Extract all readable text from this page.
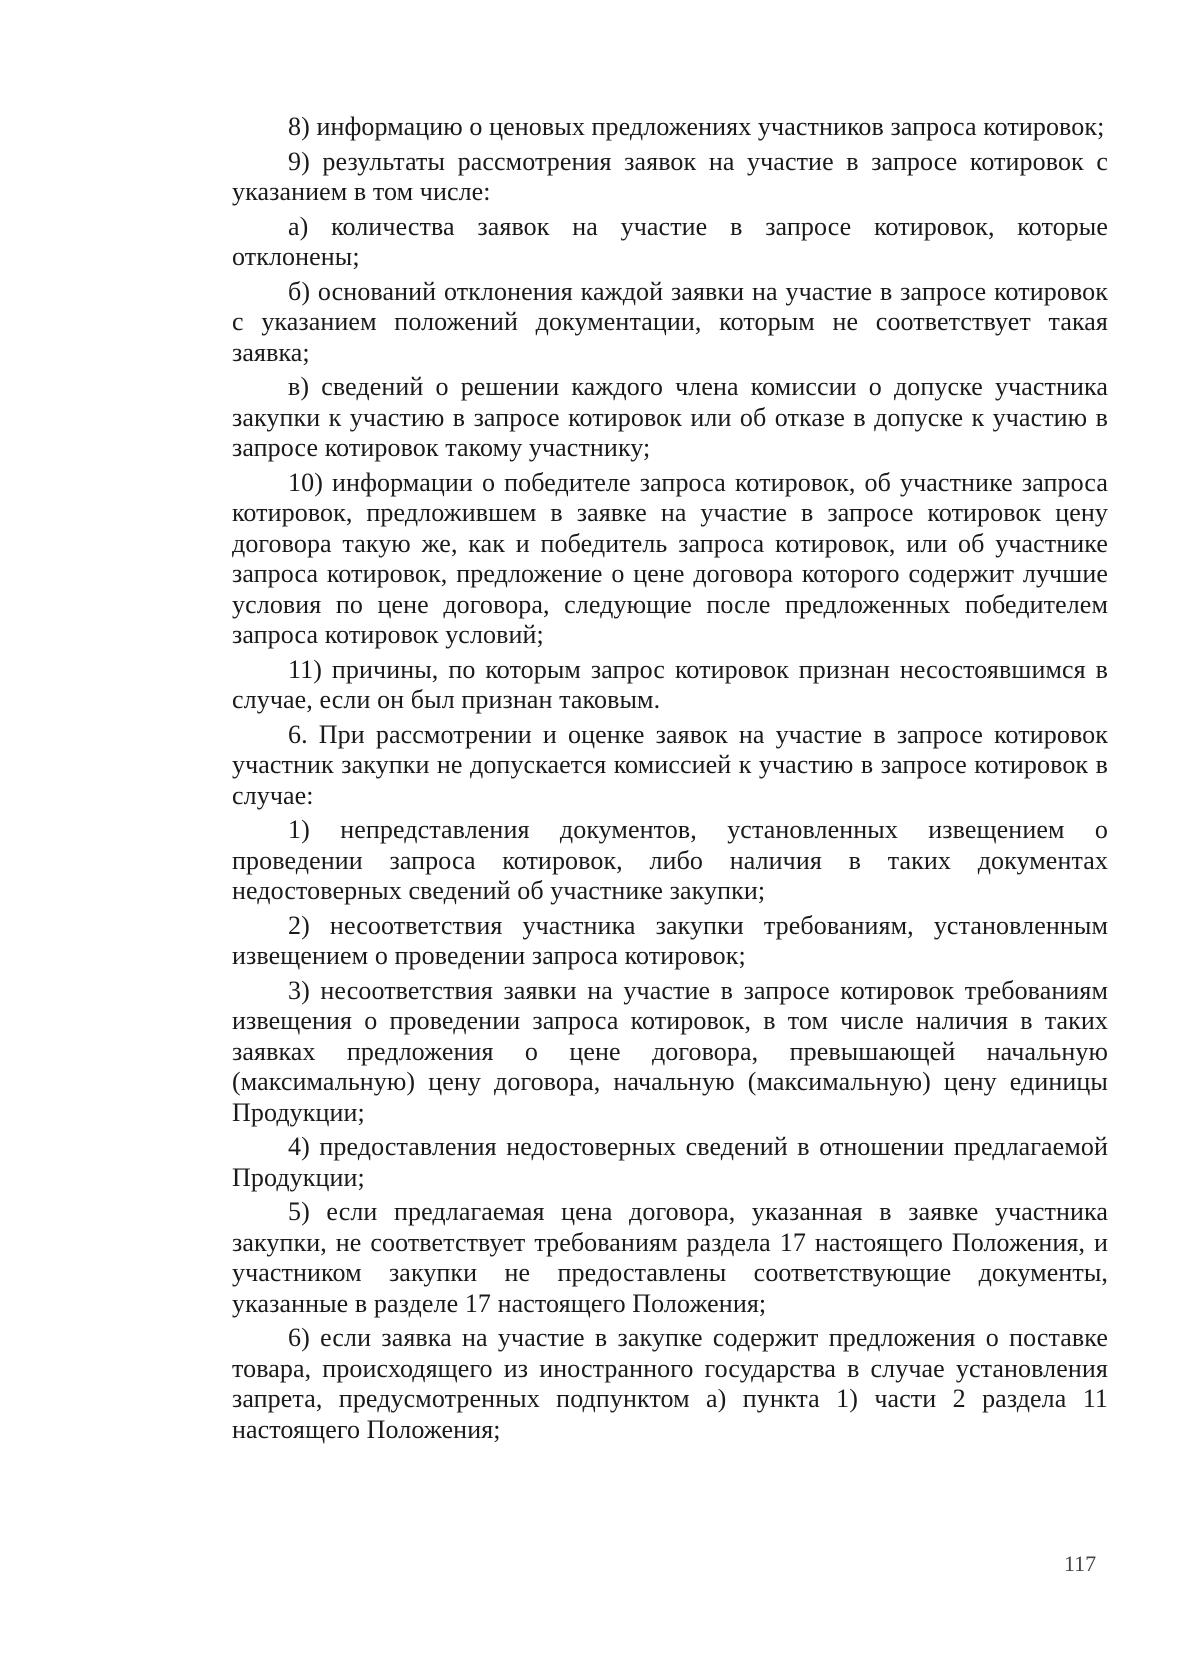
8) информацию о ценовых предложениях участников запроса котировок;

9) результаты рассмотрения заявок на участие в запросе котировок с указанием в том числе:

а) количества заявок на участие в запросе котировок, которые отклонены;

б) оснований отклонения каждой заявки на участие в запросе котировок с указанием положений документации, которым не соответствует такая заявка;

в) сведений о решении каждого члена комиссии о допуске участника закупки к участию в запросе котировок или об отказе в допуске к участию в запросе котировок такому участнику;

10) информации о победителе запроса котировок, об участнике запроса котировок, предложившем в заявке на участие в запросе котировок цену договора такую же, как и победитель запроса котировок, или об участнике запроса котировок, предложение о цене договора которого содержит лучшие условия по цене договора, следующие после предложенных победителем запроса котировок условий;

11) причины, по которым запрос котировок признан несостоявшимся в случае, если он был признан таковым.

6. При рассмотрении и оценке заявок на участие в запросе котировок участник закупки не допускается комиссией к участию в запросе котировок в случае:

1) непредставления документов, установленных извещением о проведении запроса котировок, либо наличия в таких документах недостоверных сведений об участнике закупки;

2) несоответствия участника закупки требованиям, установленным извещением о проведении запроса котировок;

3) несоответствия заявки на участие в запросе котировок требованиям извещения о проведении запроса котировок, в том числе наличия в таких заявках предложения о цене договора, превышающей начальную (максимальную) цену договора, начальную (максимальную) цену единицы Продукции;

4) предоставления недостоверных сведений в отношении предлагаемой Продукции;

5) если предлагаемая цена договора, указанная в заявке участника закупки, не соответствует требованиям раздела 17 настоящего Положения, и участником закупки не предоставлены соответствующие документы, указанные в разделе 17 настоящего Положения;

6) если заявка на участие в закупке содержит предложения о поставке товара, происходящего из иностранного государства в случае установления запрета, предусмотренных подпунктом а) пункта 1) части 2 раздела 11 настоящего Положения;

117
